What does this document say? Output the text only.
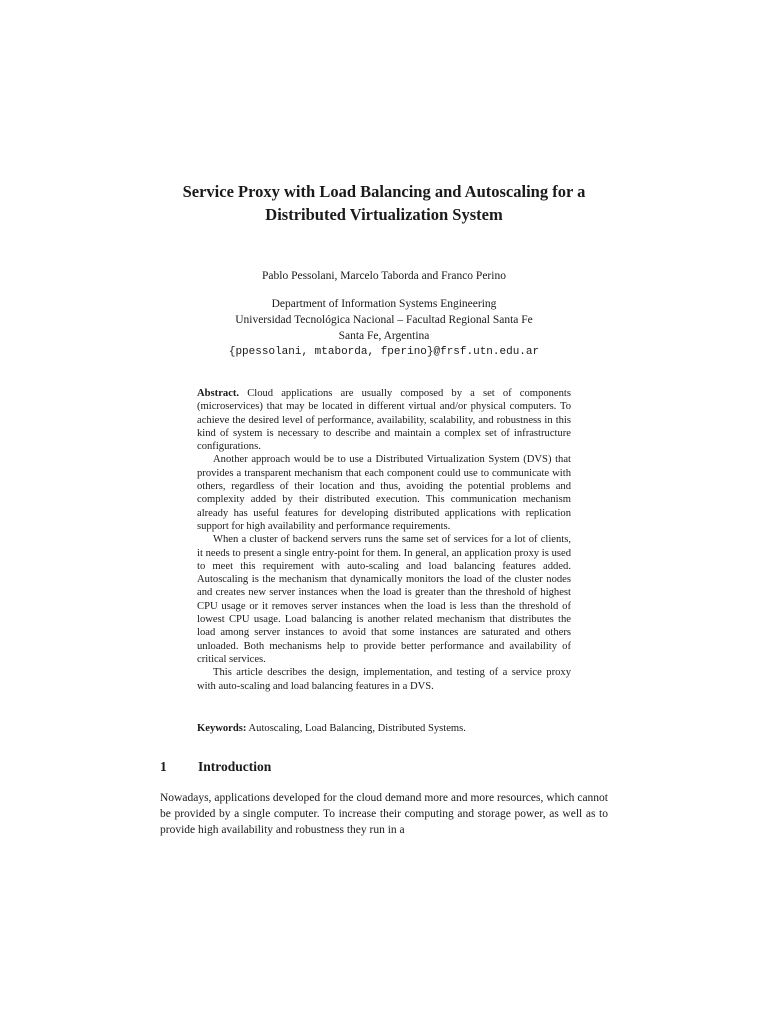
Service Proxy with Load Balancing and Autoscaling for a
Distributed Virtualization System
Pablo Pessolani, Marcelo Taborda and Franco Perino
Department of Information Systems Engineering
Universidad Tecnológica Nacional – Facultad Regional Santa Fe
Santa Fe, Argentina
{ppessolani, mtaborda, fperino}@frsf.utn.edu.ar

Abstract. Cloud applications are usually composed by a set of components (microservices) that may be located in different virtual and/or physical computers. To achieve the desired level of performance, availability, scalability, and robustness in this kind of system is necessary to describe and maintain a complex set of infrastructure configurations.

Another approach would be to use a Distributed Virtualization System (DVS) that provides a transparent mechanism that each component could use to communicate with others, regardless of their location and thus, avoiding the potential problems and complexity added by their distributed execution. This communication mechanism already has useful features for developing distributed applications with replication support for high availability and performance requirements.

When a cluster of backend servers runs the same set of services for a lot of clients, it needs to present a single entry-point for them. In general, an application proxy is used to meet this requirement with auto-scaling and load balancing features added. Autoscaling is the mechanism that dynamically monitors the load of the cluster nodes and creates new server instances when the load is greater than the threshold of highest CPU usage or it removes server instances when the load is less than the threshold of lowest CPU usage. Load balancing is another related mechanism that distributes the load among server instances to avoid that some instances are saturated and others unloaded. Both mechanisms help to provide better performance and availability of critical services.

This article describes the design, implementation, and testing of a service proxy with auto-scaling and load balancing features in a DVS.

Keywords: Autoscaling, Load Balancing, Distributed Systems.
1 Introduction

Nowadays, applications developed for the cloud demand more and more resources, which cannot be provided by a single computer. To increase their computing and storage power, as well as to provide high availability and robustness they run in a
